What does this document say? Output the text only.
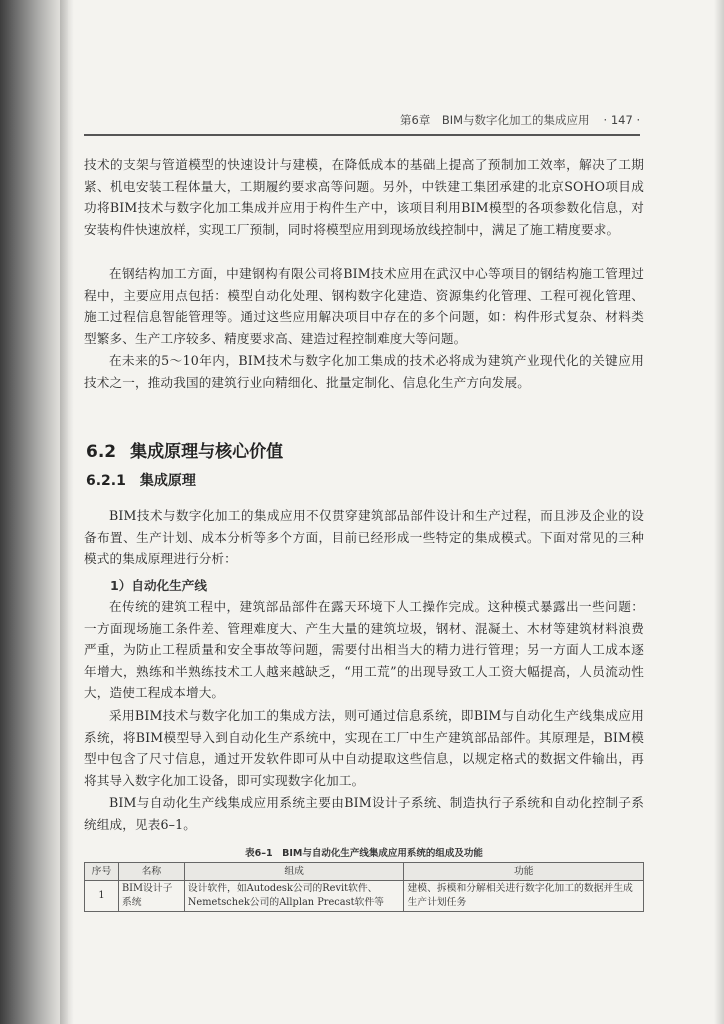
第6章　BIM与数字化加工的集成应用 · 147 ·

技术的支架与管道模型的快速设计与建模，在降低成本的基础上提高了预制加工效率，解决了工期紧、机电安装工程体量大，工期履约要求高等问题。另外，中铁建工集团承建的北京SOHO项目成功将BIM技术与数字化加工集成并应用于构件生产中，该项目利用BIM模型的各项参数化信息，对安装构件快速放样，实现工厂预制，同时将模型应用到现场放线控制中，满足了施工精度要求。

在钢结构加工方面，中建钢构有限公司将BIM技术应用在武汉中心等项目的钢结构施工管理过程中，主要应用点包括：模型自动化处理、钢构数字化建造、资源集约化管理、工程可视化管理、施工过程信息智能管理等。通过这些应用解决项目中存在的多个问题，如：构件形式复杂、材料类型繁多、生产工序较多、精度要求高、建造过程控制难度大等问题。

在未来的5～10年内，BIM技术与数字化加工集成的技术必将成为建筑产业现代化的关键应用技术之一，推动我国的建筑行业向精细化、批量定制化、信息化生产方向发展。

6.2 集成原理与核心价值
6.2.1 集成原理

BIM技术与数字化加工的集成应用不仅贯穿建筑部品部件设计和生产过程，而且涉及企业的设备布置、生产计划、成本分析等多个方面，目前已经形成一些特定的集成模式。下面对常见的三种模式的集成原理进行分析：

1）自动化生产线

在传统的建筑工程中，建筑部品部件在露天环境下人工操作完成。这种模式暴露出一些问题：一方面现场施工条件差、管理难度大、产生大量的建筑垃圾，钢材、混凝土、木材等建筑材料浪费严重，为防止工程质量和安全事故等问题，需要付出相当大的精力进行管理；另一方面人工成本逐年增大，熟练和半熟练技术工人越来越缺乏，“用工荒”的出现导致工人工资大幅提高，人员流动性大，造使工程成本增大。

采用BIM技术与数字化加工的集成方法，则可通过信息系统，即BIM与自动化生产线集成应用系统，将BIM模型导入到自动化生产系统中，实现在工厂中生产建筑部品部件。其原理是，BIM模型中包含了尺寸信息，通过开发软件即可从中自动提取这些信息，以规定格式的数据文件输出，再将其导入数字化加工设备，即可实现数字化加工。

BIM与自动化生产线集成应用系统主要由BIM设计子系统、制造执行子系统和自动化控制子系统组成，见表6–1。

表6–1　BIM与自动化生产线集成应用系统的组成及功能
序号	名称	组成	功能
1	BIM设计子系统	设计软件，如Autodesk公司的Revit软件、Nemetschek公司的Allplan Precast软件等	建模、拆模和分解相关进行数字化加工的数据并生成生产计划任务
